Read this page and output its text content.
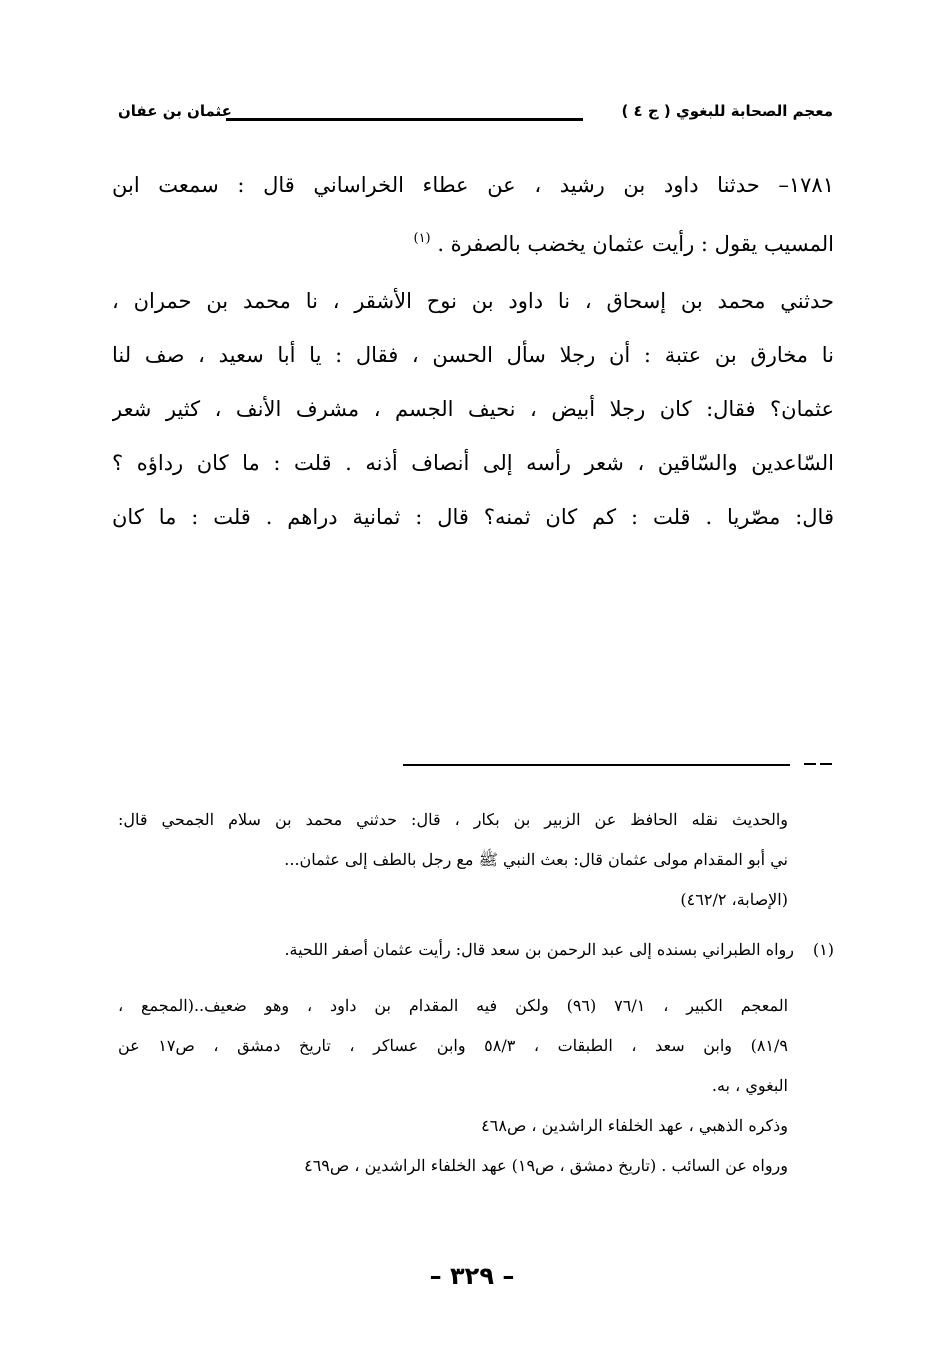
معجم الصحابة للبغوي ( ج ٤ )
عثمان بن عفان
١٧٨١– حدثنا داود بن رشيد ، عن عطاء الخراساني قال : سمعت ابن
المسيب يقول : رأيت عثمان يخضب بالصفرة . $^{(١)}$
حدثني محمد بن إسحاق ، نا داود بن نوح الأشقر ، نا محمد بن حمران ،
نا مخارق بن عتبة : أن رجلا سأل الحسن ، فقال : يا أبا سعيد ، صف لنا
عثمان؟ فقال: كان رجلا أبيض ، نحيف الجسم ، مشرف الأنف ، كثير شعر
السّاعدين والسّاقين ، شعر رأسه إلى أنصاف أذنه . قلت : ما كان رداؤه ؟
قال: مصّريا . قلت : كم كان ثمنه؟ قال : ثمانية دراهم . قلت : ما كان
والحديث نقله الحافظ عن الزبير بن بكار ، قال: حدثني محمد بن سلام الجمحي قال:
ني أبو المقدام مولى عثمان قال: بعث النبي ﷺ مع رجل بالطف إلى عثمان...
(الإصابة، ٤٦٢/٢)
(١)
رواه الطبراني بسنده إلى عبد الرحمن بن سعد قال: رأيت عثمان أصفر اللحية.
المعجم الكبير ، ٧٦/١ (٩٦) ولكن فيه المقدام بن داود ، وهو ضعيف..(المجمع ،
٨١/٩) وابن سعد ، الطبقات ، ٥٨/٣ وابن عساكر ، تاريخ دمشق ، ص١٧ عن
البغوي ، به.
وذكره الذهبي ، عهد الخلفاء الراشدين ، ص٤٦٨
ورواه عن السائب . (تاريخ دمشق ، ص١٩) عهد الخلفاء الراشدين ، ص٤٦٩
– ٣٢٩ –
